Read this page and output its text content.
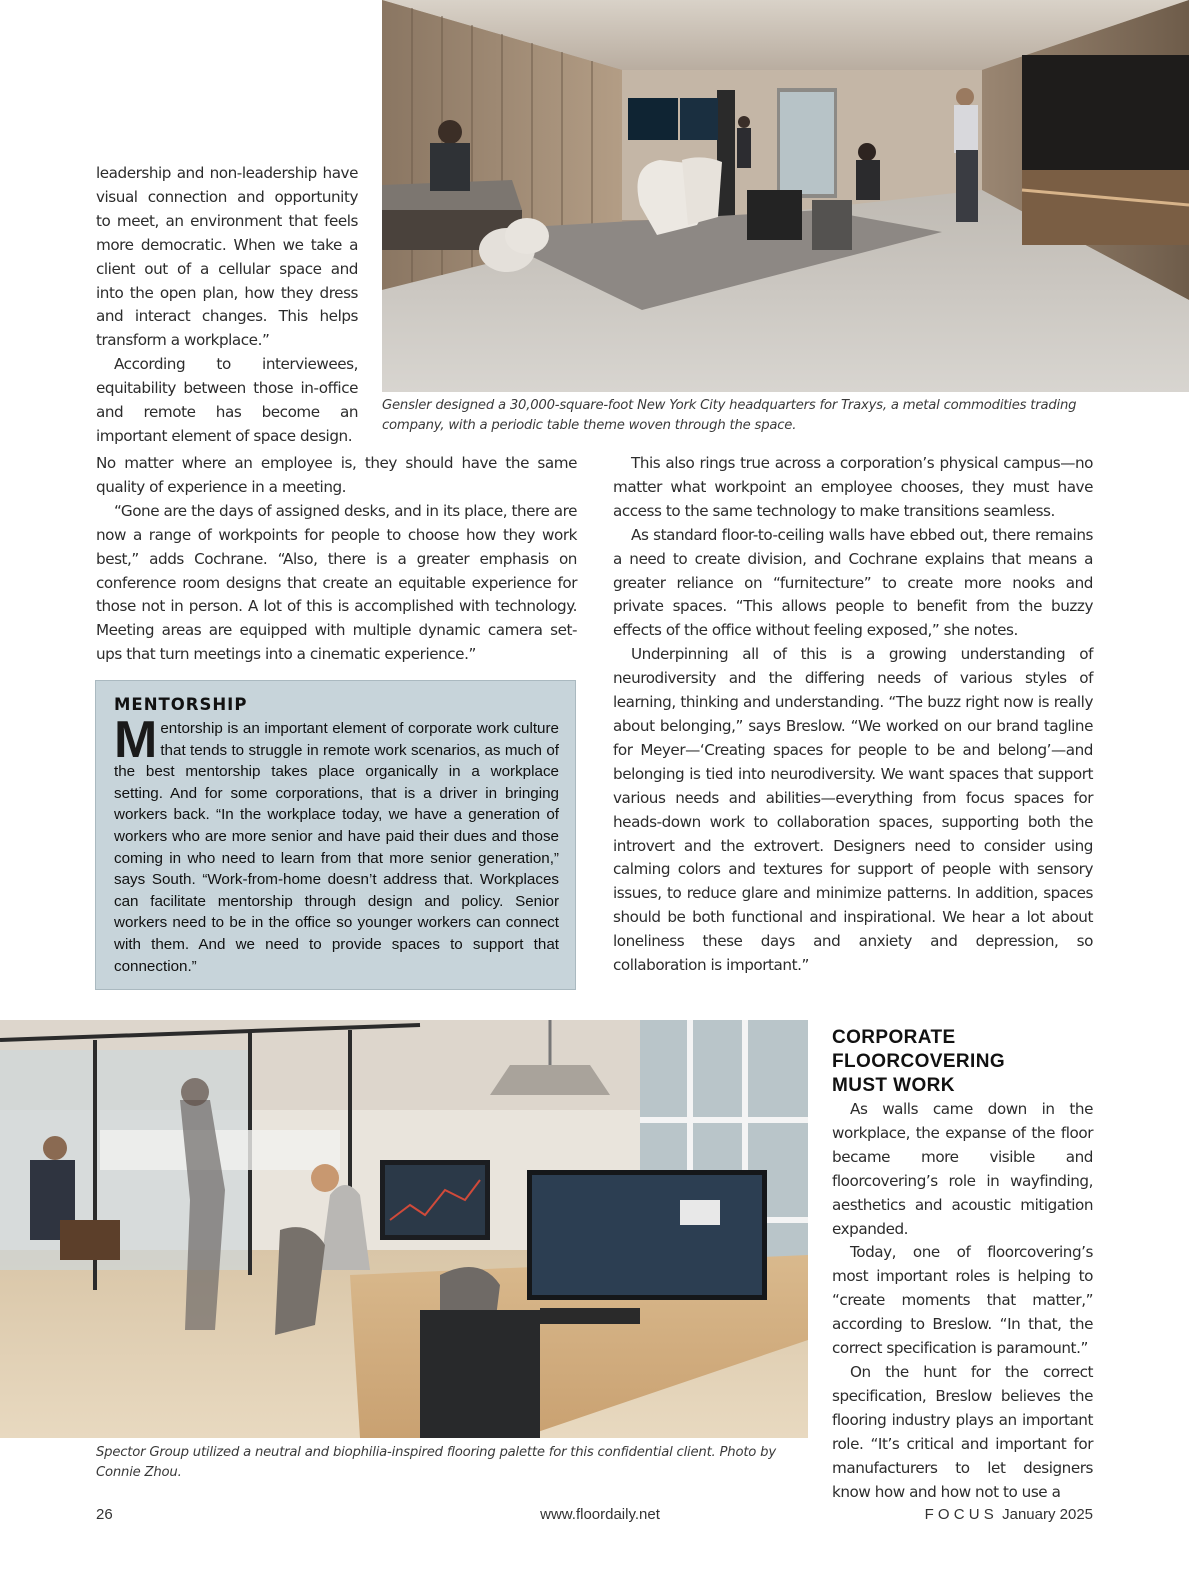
leadership and non-leadership have visual connection and opportunity to meet, an environment that feels more democratic. When we take a client out of a cellular space and into the open plan, how they dress and interact changes. This helps transform a workplace.”

According to interviewees, equitability between those in-office and remote has become an important element of space design.

Gensler designed a 30,000-square-foot New York City headquarters for Traxys, a metal commodities trading company, with a periodic table theme woven through the space.

No matter where an employee is, they should have the same quality of experience in a meeting.

“Gone are the days of assigned desks, and in its place, there are now a range of workpoints for people to choose how they work best,” adds Cochrane. “Also, there is a greater emphasis on conference room designs that create an equitable experience for those not in person. A lot of this is accomplished with technology. Meeting areas are equipped with multiple dynamic camera set-ups that turn meetings into a cinematic experience.”

MENTORSHIP

Mentorship is an important element of corporate work culture that tends to struggle in remote work scenarios, as much of the best mentorship takes place organically in a workplace setting. And for some corporations, that is a driver in bringing workers back. “In the workplace today, we have a generation of workers who are more senior and have paid their dues and those coming in who need to learn from that more senior generation,” says South. “Work-from-home doesn’t address that. Workplaces can facilitate mentorship through design and policy. Senior workers need to be in the office so younger workers can connect with them. And we need to provide spaces to support that connection.”

This also rings true across a corporation’s physical campus—no matter what workpoint an employee chooses, they must have access to the same technology to make transitions seamless.

As standard floor-to-ceiling walls have ebbed out, there remains a need to create division, and Cochrane explains that means a greater reliance on “furnitecture” to create more nooks and private spaces. “This allows people to benefit from the buzzy effects of the office without feeling exposed,” she notes.

Underpinning all of this is a growing understanding of neurodiversity and the differing needs of various styles of learning, thinking and understanding. “The buzz right now is really about belonging,” says Breslow. “We worked on our brand tagline for Meyer—‘Creating spaces for people to be and belong’—and belonging is tied into neurodiversity. We want spaces that support various needs and abilities—everything from focus spaces for heads-down work to collaboration spaces, supporting both the introvert and the extrovert. Designers need to consider using calming colors and textures for support of people with sensory issues, to reduce glare and minimize patterns. In addition, spaces should be both functional and inspirational. We hear a lot about loneliness these days and anxiety and depression, so collaboration is important.”

Spector Group utilized a neutral and biophilia-inspired flooring palette for this confidential client. Photo by Connie Zhou.
CORPORATE
FLOORCOVERING
MUST WORK

As walls came down in the workplace, the expanse of the floor became more visible and floorcovering’s role in wayfinding, aesthetics and acoustic mitigation expanded.

Today, one of floorcovering’s most important roles is helping to “create moments that matter,” according to Breslow. “In that, the correct specification is paramount.”

On the hunt for the correct specification, Breslow believes the flooring industry plays an important role. “It’s critical and important for manufacturers to let designers know how and how not to use a

26	www.floordaily.net	F O C U S  January 2025
